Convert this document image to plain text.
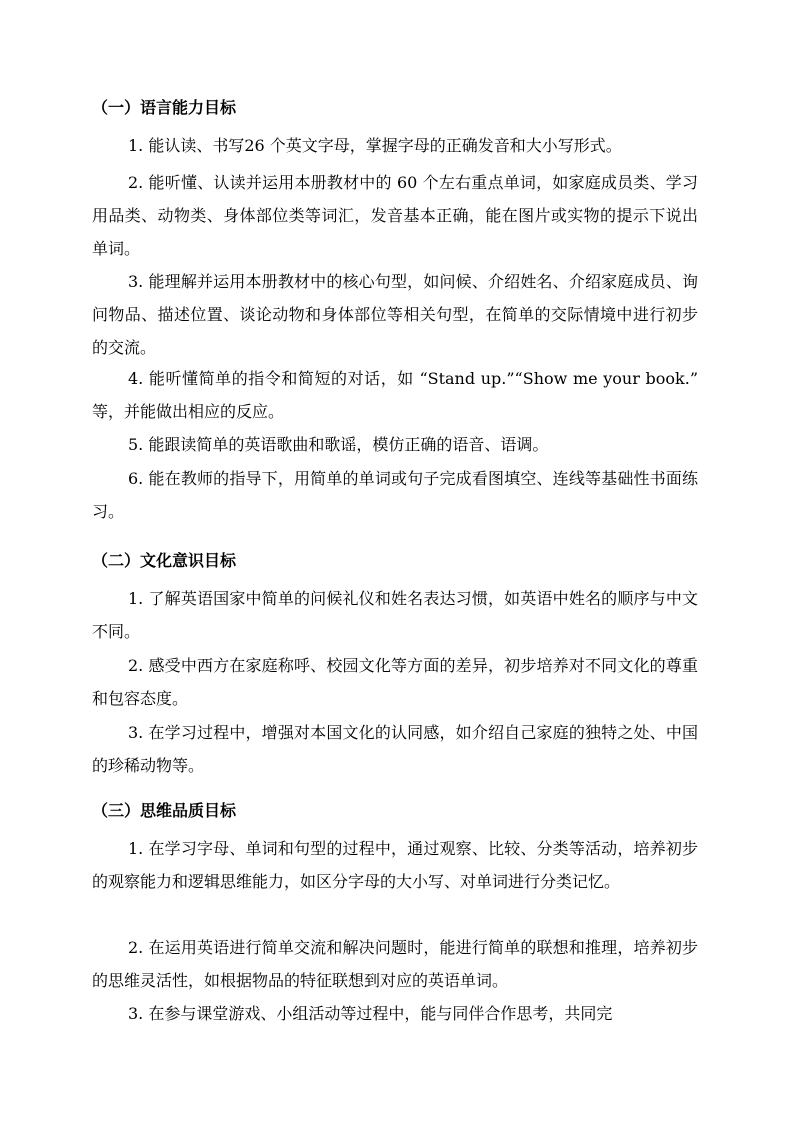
（一）语言能力目标
1. 能认读、书写26 个英文字母，掌握字母的正确发音和大小写形式。
2. 能听懂、认读并运用本册教材中的 60 个左右重点单词，如家庭成员类、学习用品类、动物类、身体部位类等词汇，发音基本正确，能在图片或实物的提示下说出单词。
3. 能理解并运用本册教材中的核心句型，如问候、介绍姓名、介绍家庭成员、询问物品、描述位置、谈论动物和身体部位等相关句型，在简单的交际情境中进行初步的交流。
4. 能听懂简单的指令和简短的对话，如 “Stand up.”“Show me your book.” 等，并能做出相应的反应。
5. 能跟读简单的英语歌曲和歌谣，模仿正确的语音、语调。
6. 能在教师的指导下，用简单的单词或句子完成看图填空、连线等基础性书面练习。
（二）文化意识目标
1. 了解英语国家中简单的问候礼仪和姓名表达习惯，如英语中姓名的顺序与中文不同。
2. 感受中西方在家庭称呼、校园文化等方面的差异，初步培养对不同文化的尊重和包容态度。
3. 在学习过程中，增强对本国文化的认同感，如介绍自己家庭的独特之处、中国的珍稀动物等。
（三）思维品质目标
1. 在学习字母、单词和句型的过程中，通过观察、比较、分类等活动，培养初步的观察能力和逻辑思维能力，如区分字母的大小写、对单词进行分类记忆。
2. 在运用英语进行简单交流和解决问题时，能进行简单的联想和推理，培养初步的思维灵活性，如根据物品的特征联想到对应的英语单词。
3. 在参与课堂游戏、小组活动等过程中，能与同伴合作思考，共同完
